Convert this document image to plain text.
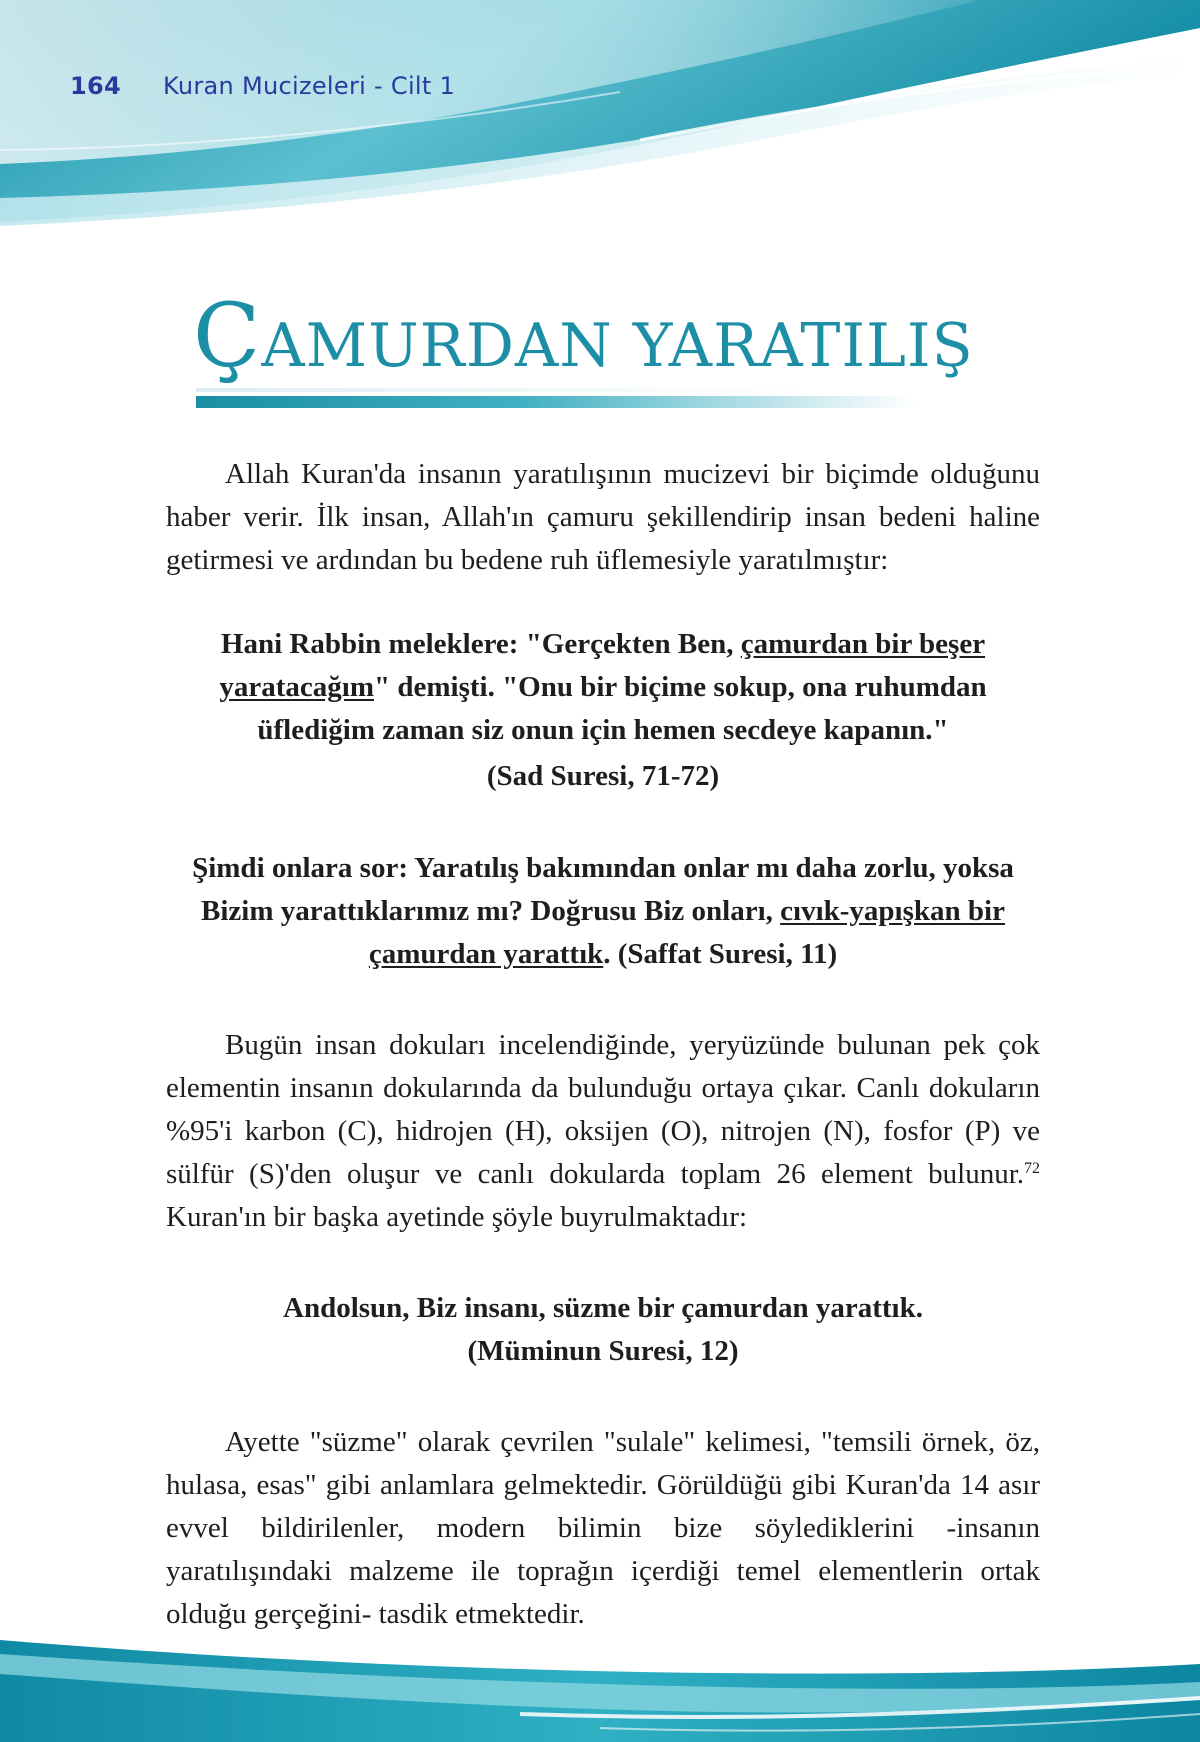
164 Kuran Mucizeleri - Cilt 1
ÇAMURDAN YARATILIŞ

Allah Kuran'da insanın yaratılışının mucizevi bir biçimde olduğunu haber verir. İlk insan, Allah'ın çamuru şekillendirip insan bedeni haline getirmesi ve ardından bu bedene ruh üflemesiyle yaratılmıştır:

Hani Rabbin meleklere: "Gerçekten Ben, çamurdan bir beşer yaratacağım" demişti. "Onu bir biçime sokup, ona ruhumdan üflediğim zaman siz onun için hemen secdeye kapanın."

(Sad Suresi, 71-72)

Şimdi onlara sor: Yaratılış bakımından onlar mı daha zorlu, yoksa Bizim yarattıklarımız mı? Doğrusu Biz onları, cıvık-yapışkan bir çamurdan yarattık. (Saffat Suresi, 11)

Bugün insan dokuları incelendiğinde, yeryüzünde bulunan pek çok elementin insanın dokularında da bulunduğu ortaya çıkar. Canlı dokuların %95'i karbon (C), hidrojen (H), oksijen (O), nitrojen (N), fosfor (P) ve sülfür (S)'den oluşur ve canlı dokularda toplam 26 element bulunur.$^{72}$ Kuran'ın bir başka ayetinde şöyle buyrulmaktadır:

Andolsun, Biz insanı, süzme bir çamurdan yarattık.
(Müminun Suresi, 12)

Ayette "süzme" olarak çevrilen "sulale" kelimesi, "temsili örnek, öz, hulasa, esas" gibi anlamlara gelmektedir. Görüldüğü gibi Kuran'da 14 asır evvel bildirilenler, modern bilimin bize söylediklerini -insanın yaratılışındaki malzeme ile toprağın içerdiği temel elementlerin ortak olduğu gerçeğini- tasdik etmektedir.
